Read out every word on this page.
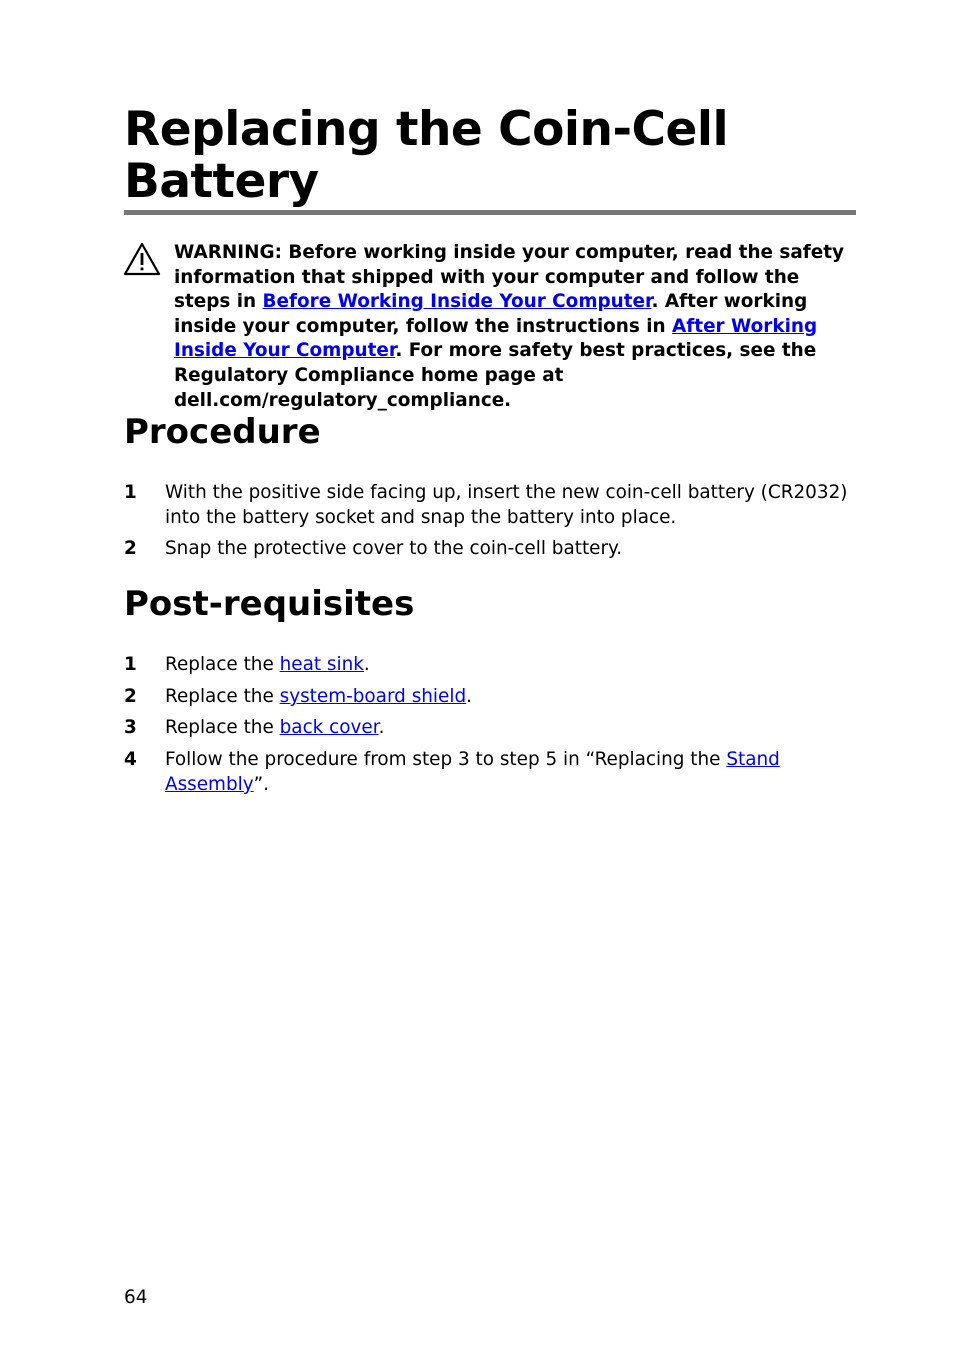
Replacing the Coin-Cell Battery

WARNING: Before working inside your computer, read the safety information that shipped with your computer and follow the steps in Before Working Inside Your Computer. After working inside your computer, follow the instructions in After Working Inside Your Computer. For more safety best practices, see the Regulatory Compliance home page at dell.com/regulatory_compliance.

Procedure
1 With the positive side facing up, insert the new coin-cell battery (CR2032) into the battery socket and snap the battery into place.
2 Snap the protective cover to the coin-cell battery.
Post-requisites
1 Replace the heat sink.
2 Replace the system-board shield.
3 Replace the back cover.
4 Follow the procedure from step 3 to step 5 in “Replacing the Stand Assembly”.
64
